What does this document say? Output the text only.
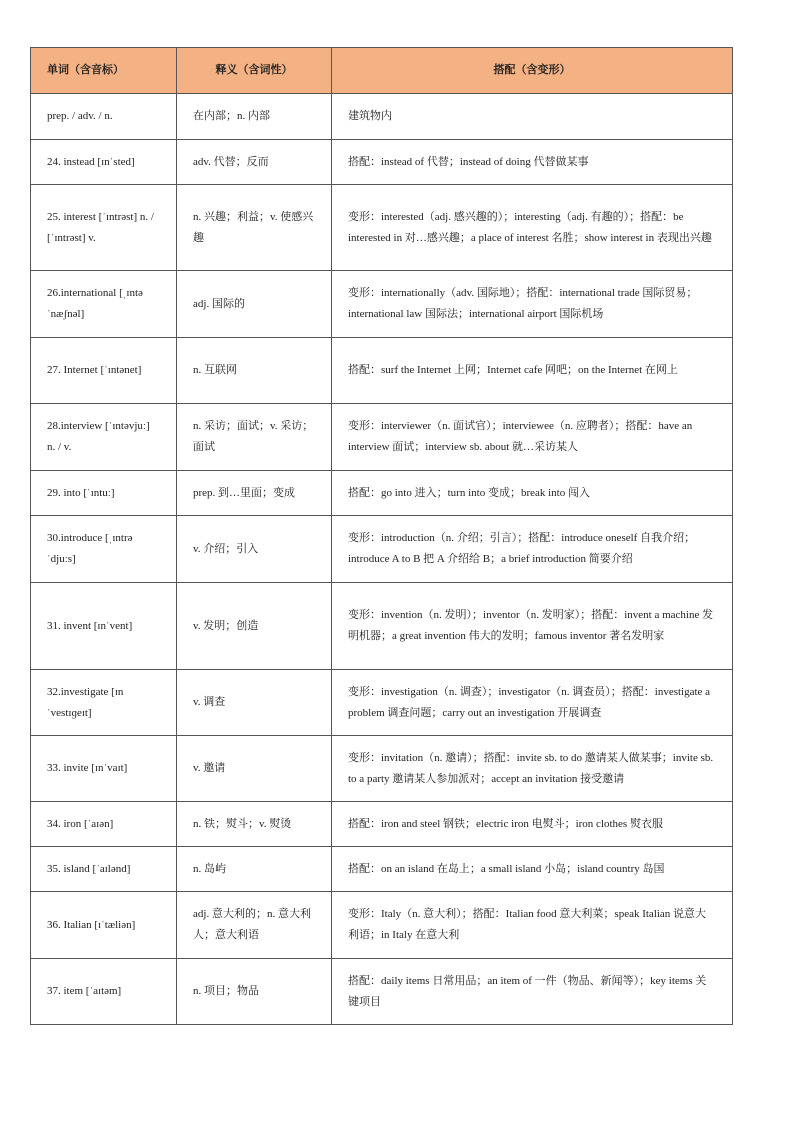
单词（含音标）	释义（含词性）	搭配（含变形）
prep. / adv. / n.	在内部；n. 内部	建筑物内
24. instead [ɪnˈsted]	adv. 代替；反而	搭配：instead of 代替；instead of doing 代替做某事
25. interest [ˈɪntrəst] n. / [ˈɪntrəst] v.	n. 兴趣；利益；v. 使感兴趣	变形：interested（adj. 感兴趣的）；interesting（adj. 有趣的）；搭配：be interested in 对…感兴趣；a place of interest 名胜；show interest in 表现出兴趣
26.international [ˌɪntəˈnæʃnəl]	adj. 国际的	变形：internationally（adv. 国际地）；搭配：international trade 国际贸易；international law 国际法；international airport 国际机场
27. Internet [ˈɪntənet]	n. 互联网	搭配：surf the Internet 上网；Internet cafe 网吧；on the Internet 在网上
28.interview [ˈɪntəvjuː] n. / v.	n. 采访；面试；v. 采访；面试	变形：interviewer（n. 面试官）；interviewee（n. 应聘者）；搭配：have an interview 面试；interview sb. about 就…采访某人
29. into [ˈɪntuː]	prep. 到…里面；变成	搭配：go into 进入；turn into 变成；break into 闯入
30.introduce [ˌɪntrəˈdjuːs]	v. 介绍；引入	变形：introduction（n. 介绍；引言）；搭配：introduce oneself 自我介绍；introduce A to B 把 A 介绍给 B；a brief introduction 简要介绍
31. invent [ɪnˈvent]	v. 发明；创造	变形：invention（n. 发明）；inventor（n. 发明家）；搭配：invent a machine 发明机器；a great invention 伟大的发明；famous inventor 著名发明家
32.investigate [ɪnˈvestɪɡeɪt]	v. 调查	变形：investigation（n. 调查）；investigator（n. 调查员）；搭配：investigate a problem 调查问题；carry out an investigation 开展调查
33. invite [ɪnˈvaɪt]	v. 邀请	变形：invitation（n. 邀请）；搭配：invite sb. to do 邀请某人做某事；invite sb. to a party 邀请某人参加派对；accept an invitation 接受邀请
34. iron [ˈaɪən]	n. 铁；熨斗；v. 熨烫	搭配：iron and steel 钢铁；electric iron 电熨斗；iron clothes 熨衣服
35. island [ˈaɪlənd]	n. 岛屿	搭配：on an island 在岛上；a small island 小岛；island country 岛国
36. Italian [ɪˈtæliən]	adj. 意大利的；n. 意大利人；意大利语	变形：Italy（n. 意大利）；搭配：Italian food 意大利菜；speak Italian 说意大利语；in Italy 在意大利
37. item [ˈaɪtəm]	n. 项目；物品	搭配：daily items 日常用品；an item of 一件（物品、新闻等）；key items 关键项目
